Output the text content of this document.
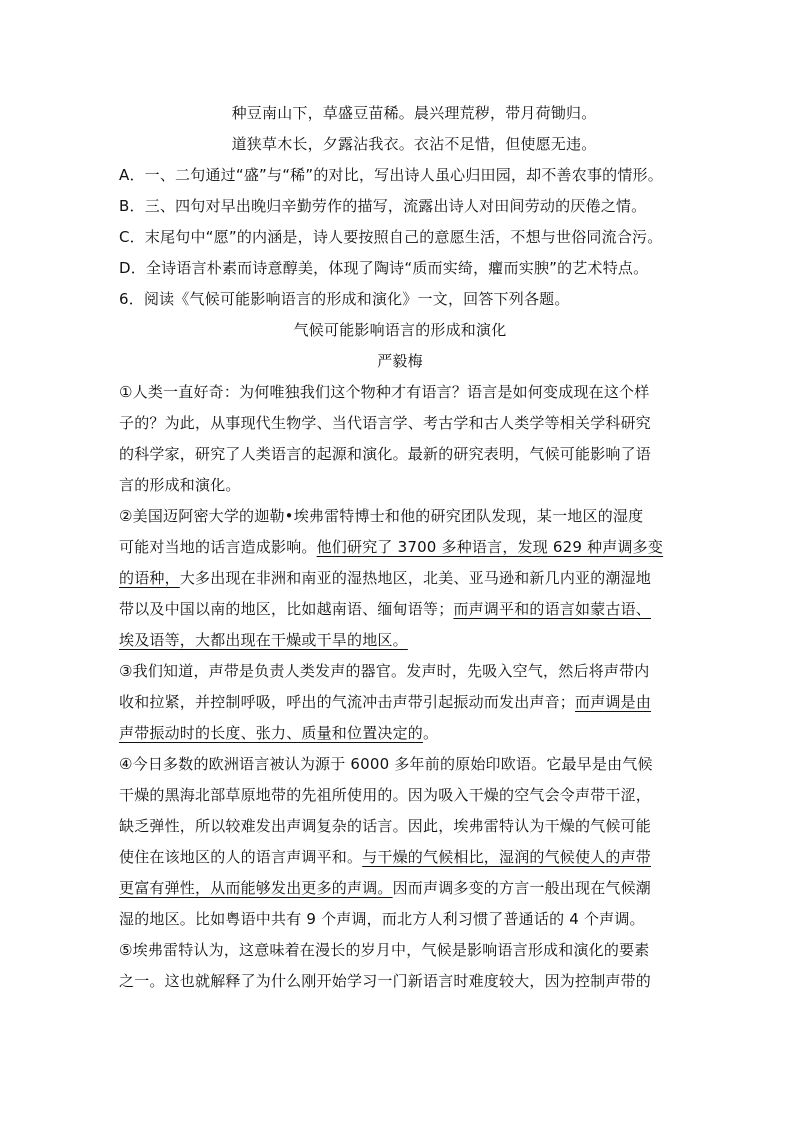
种豆南山下，草盛豆苗稀。晨兴理荒秽，带月荷锄归。
道狭草木长，夕露沾我衣。衣沾不足惜，但使愿无违。
A．一、二句通过“盛”与“稀”的对比，写出诗人虽心归田园，却不善农事的情形。
B．三、四句对早出晚归辛勤劳作的描写，流露出诗人对田间劳动的厌倦之情。
C．末尾句中“愿”的内涵是，诗人要按照自己的意愿生活，不想与世俗同流合污。
D．全诗语言朴素而诗意醇美，体现了陶诗“质而实绮，癯而实腴”的艺术特点。
6．阅读《气候可能影响语言的形成和演化》一文，回答下列各题。
气候可能影响语言的形成和演化
严毅梅
①人类一直好奇：为何唯独我们这个物种才有语言？语言是如何变成现在这个样
子的？为此，从事现代生物学、当代语言学、考古学和古人类学等相关学科研究
的科学家，研究了人类语言的起源和演化。最新的研究表明，气候可能影响了语
言的形成和演化。
②美国迈阿密大学的迦勒•埃弗雷特博士和他的研究团队发现，某一地区的湿度
可能对当地的话言造成影响。他们研究了 3700 多种语言，发现 629 种声调多变
的语种，大多出现在非洲和南亚的湿热地区，北美、亚马逊和新几内亚的潮湿地
带以及中国以南的地区，比如越南语、缅甸语等；而声调平和的语言如蒙古语、
埃及语等，大都出现在干燥或干旱的地区。
③我们知道，声带是负责人类发声的器官。发声时，先吸入空气，然后将声带内
收和拉紧，并控制呼吸，呼出的气流冲击声带引起振动而发出声音；而声调是由
声带振动时的长度、张力、质量和位置决定的。
④今日多数的欧洲语言被认为源于 6000 多年前的原始印欧语。它最早是由气候
干燥的黑海北部草原地带的先祖所使用的。因为吸入干燥的空气会令声带干涩，
缺乏弹性，所以较难发出声调复杂的话言。因此，埃弗雷特认为干燥的气候可能
使住在该地区的人的语言声调平和。与干燥的气候相比，湿润的气候使人的声带
更富有弹性，从而能够发出更多的声调。因而声调多变的方言一般出现在气候潮
湿的地区。比如粤语中共有 9 个声调，而北方人利习惯了普通话的 4 个声调。
⑤埃弗雷特认为，这意味着在漫长的岁月中，气候是影响语言形成和演化的要素
之一。这也就解释了为什么刚开始学习一门新语言时难度较大，因为控制声带的
